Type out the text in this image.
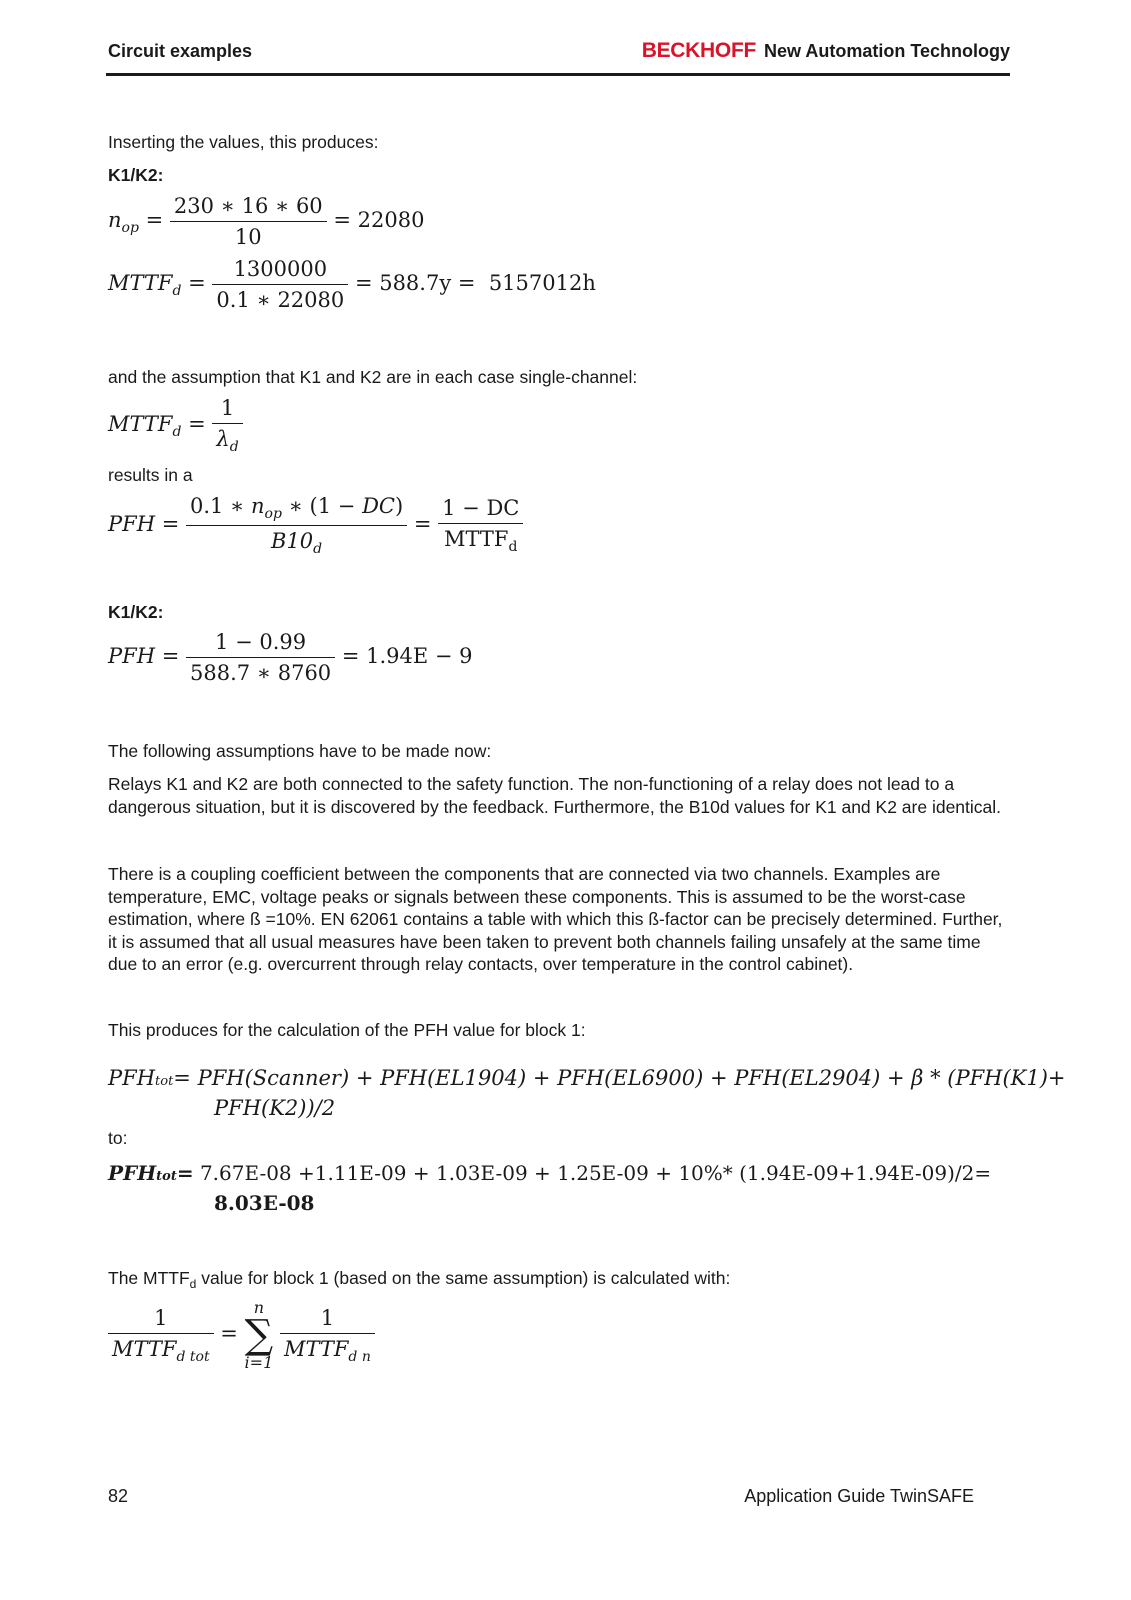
Circuit examples	BECKHOFF New Automation Technology
Inserting the values, this produces:
K1/K2:
$n_{op} = \frac{230 ∗ 16 ∗ 60}{10} = 22080$
$MTTF_d = \frac{1300000}{0.1 ∗ 22080} = 588.7y = 5157012h$
and the assumption that K1 and K2 are in each case single-channel:
$MTTF_d = \frac{1}{\lambda_d}$
results in a
PFH = $\frac{0.1 ∗ n_{op} ∗ (1 - DC)}{B10_d} = \frac{1 - DC}{MTTF_d}$
K1/K2:
PFH = $\frac{1 - 0.99}{588.7 ∗ 8760} = 1.94E - 9$
The following assumptions have to be made now:
Relays K1 and K2 are both connected to the safety function. The non-functioning of a relay does not lead to a dangerous situation, but it is discovered by the feedback. Furthermore, the B10d values for K1 and K2 are identical.
There is a coupling coefficient between the components that are connected via two channels. Examples are temperature, EMC, voltage peaks or signals between these components. This is assumed to be the worst-case estimation, where ß =10%. EN 62061 contains a table with which this ß-factor can be precisely determined. Further, it is assumed that all usual measures have been taken to prevent both channels failing unsafely at the same time due to an error (e.g. overcurrent through relay contacts, over temperature in the control cabinet).
This produces for the calculation of the PFH value for block 1:
PFHtot= PFH(Scanner) + PFH(EL1904) + PFH(EL6900) + PFH(EL2904) + β * (PFH(K1)+
PFH(K2))/2
to:
PFHtot= 7.67E-08 +1.11E-09 + 1.03E-09 + 1.25E-09 + 10%* (1.94E-09+1.94E-09)/2=
8.03E-08
The $MTTF_d$ value for block 1 (based on the same assumption) is calculated with:
$\frac{1}{MTTF_{d tot}} = n$
∑
$i=1 \frac{1}{MTTF_{d n}}$
82	Application Guide TwinSAFE
